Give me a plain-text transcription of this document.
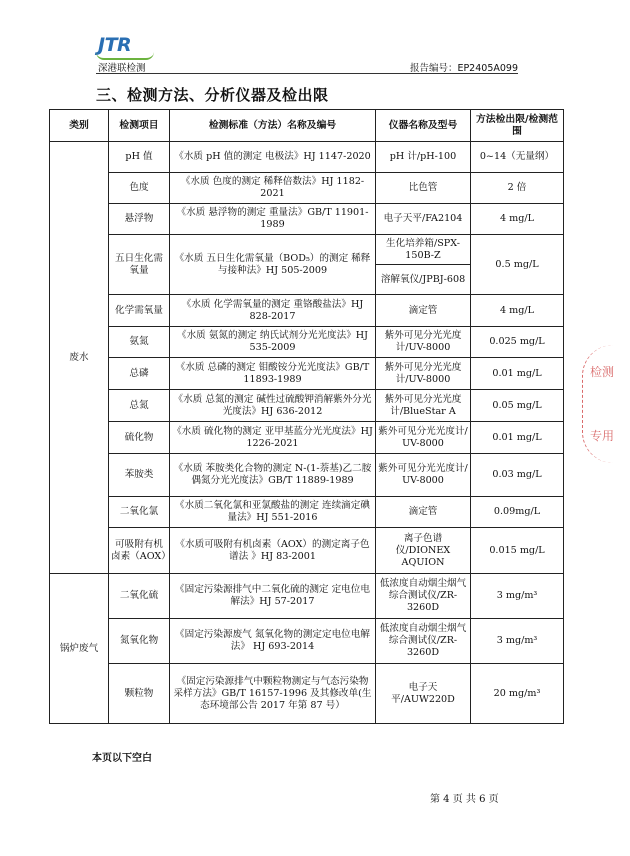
JTR
深港联检测	报告编号：EP2405A099
三、检测方法、分析仪器及检出限
类别	检测项目	检测标准（方法）名称及编号	仪器名称及型号	方法检出限/检测范围
废水	pH 值	《水质 pH 值的测定 电极法》HJ 1147-2020	pH 计/pH-100	0~14（无量纲）
	色度	《水质 色度的测定 稀释倍数法》HJ 1182-2021	比色管	2 倍
	悬浮物	《水质 悬浮物的测定 重量法》GB/T 11901-1989	电子天平/FA2104	4 mg/L
	五日生化需氧量	《水质 五日生化需氧量（BOD₅）的测定 稀释与接种法》HJ 505-2009	生化培养箱/SPX-150B-Z	0.5 mg/L
			溶解氧仪/JPBJ-608	
	化学需氧量	《水质 化学需氧量的测定 重铬酸盐法》HJ 828-2017	滴定管	4 mg/L
	氨氮	《水质 氨氮的测定 纳氏试剂分光光度法》HJ 535-2009	紫外可见分光光度计/UV-8000	0.025 mg/L
	总磷	《水质 总磷的测定 钼酸铵分光光度法》GB/T 11893-1989	紫外可见分光光度计/UV-8000	0.01 mg/L
	总氮	《水质 总氮的测定 碱性过硫酸钾消解紫外分光光度法》HJ 636-2012	紫外可见分光光度计/BlueStar A	0.05 mg/L
	硫化物	《水质 硫化物的测定 亚甲基蓝分光光度法》HJ 1226-2021	紫外可见分光光度计/ UV-8000	0.01 mg/L
	苯胺类	《水质 苯胺类化合物的测定 N-(1-萘基)乙二胺偶氮分光光度法》GB/T 11889-1989	紫外可见分光光度计/ UV-8000	0.03 mg/L
	二氧化氯	《水质二氧化氯和亚氯酸盐的测定 连续滴定碘量法》HJ 551-2016	滴定管	0.09mg/L
	可吸附有机卤素（AOX）	《水质可吸附有机卤素（AOX）的测定离子色谱法 》HJ 83-2001	离子色谱仪/DIONEX AQUION	0.015 mg/L
锅炉废气	二氧化硫	《固定污染源排气中二氧化硫的测定 定电位电解法》HJ 57-2017	低浓度自动烟尘烟气综合测试仪/ZR-3260D	3 mg/m³
	氮氧化物	《固定污染源废气 氮氧化物的测定定电位电解法》 HJ 693-2014	低浓度自动烟尘烟气综合测试仪/ZR-3260D	3 mg/m³
	颗粒物	《固定污染源排气中颗粒物测定与气态污染物采样方法》GB/T 16157-1996 及其修改单(生态环境部公告 2017 年第 87 号）	电子天平/AUW220D	20 mg/m³
本页以下空白
第 4 页 共 6 页
检测
专用
